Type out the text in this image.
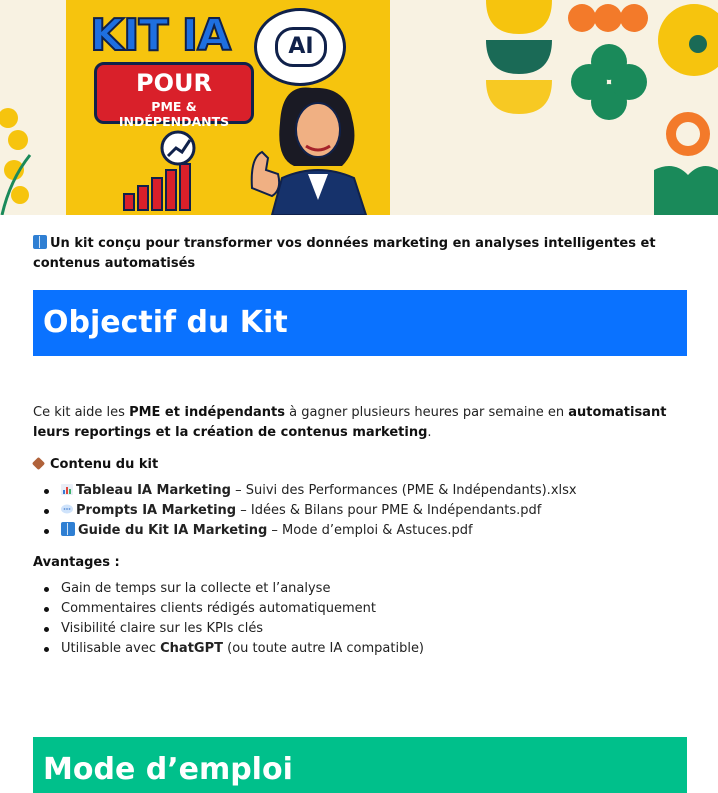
KIT IA
POUR
PME & INDÉPENDANTS
AI

Un kit conçu pour transformer vos données marketing en analyses intelligentes et contenus automatisés

Objectif du Kit

Ce kit aide les PME et indépendants à gagner plusieurs heures par semaine en automatisant leurs reportings et la création de contenus marketing.

Contenu du kit

Tableau IA Marketing – Suivi des Performances (PME & Indépendants).xlsx
Prompts IA Marketing – Idées & Bilans pour PME & Indépendants.pdf
Guide du Kit IA Marketing – Mode d’emploi & Astuces.pdf

Avantages :

Gain de temps sur la collecte et l’analyse
Commentaires clients rédigés automatiquement
Visibilité claire sur les KPIs clés
Utilisable avec ChatGPT (ou toute autre IA compatible)
Mode d’emploi
